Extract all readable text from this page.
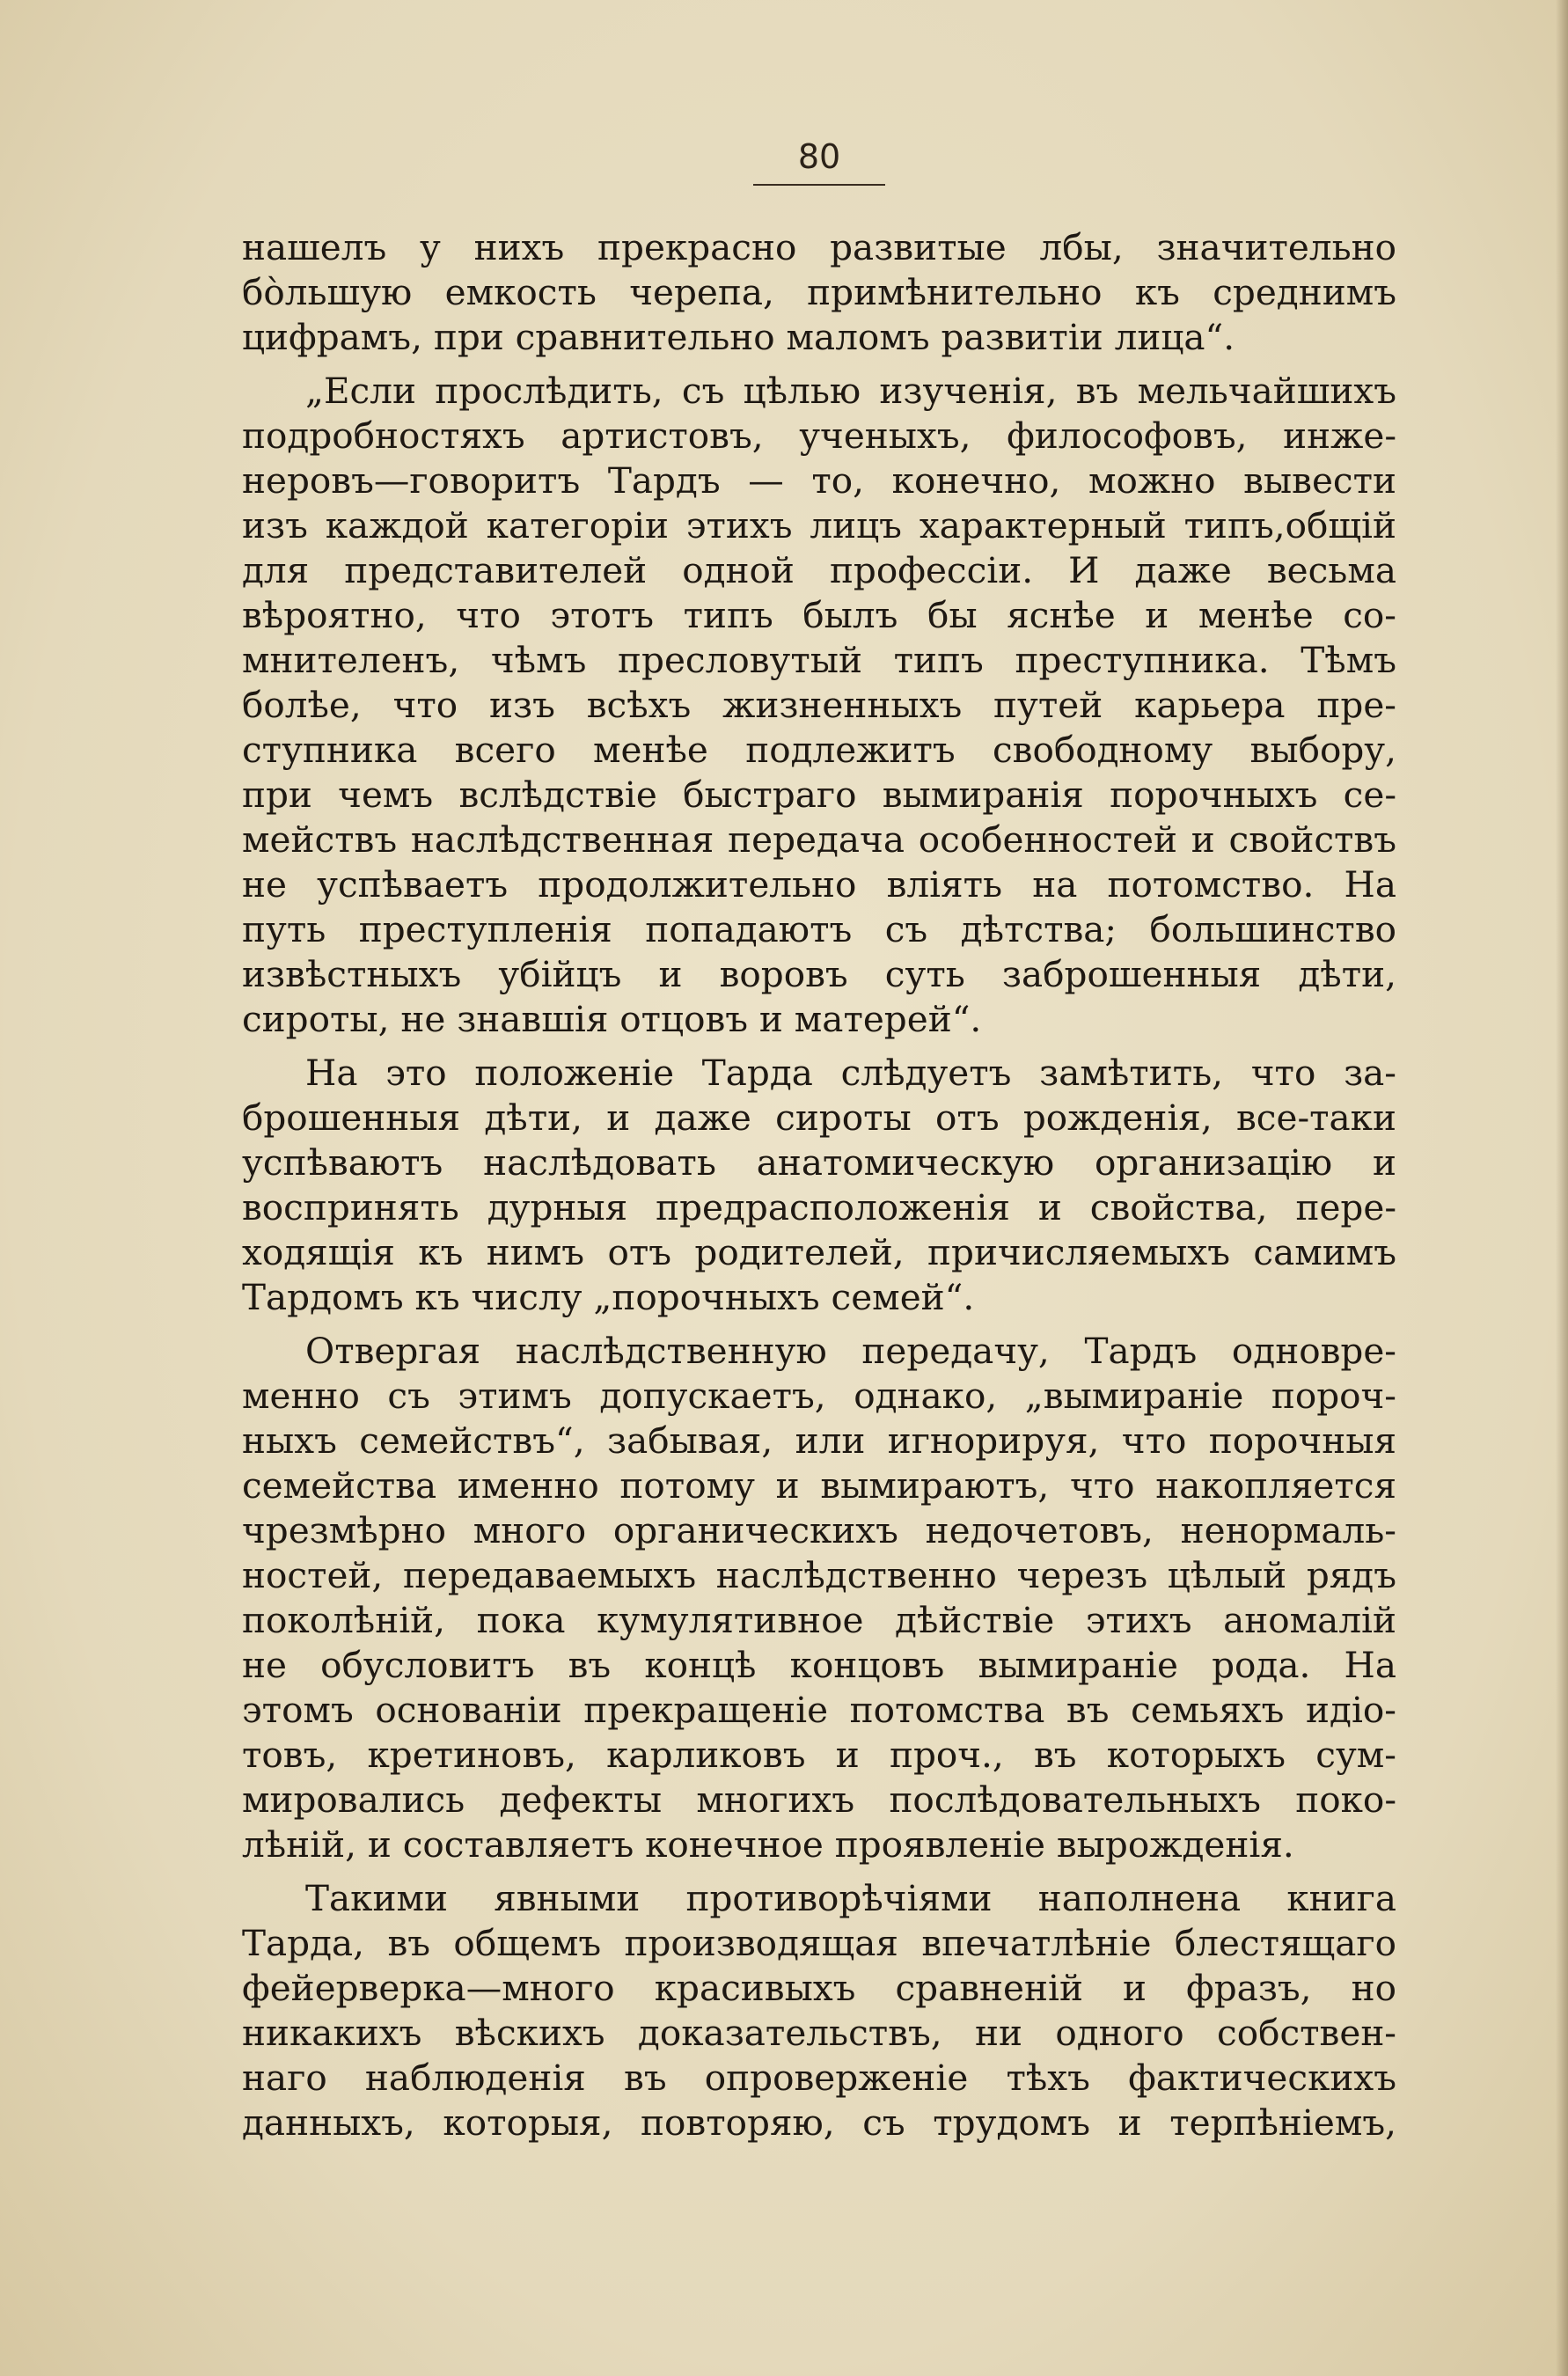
80
нашелъ у нихъ прекрасно развитые лбы, значительно
бòльшую емкость черепа, примѣнительно къ среднимъ
цифрамъ, при сравнительно маломъ развитiи лица“.
„Если прослѣдить, съ цѣлью изученiя, въ мельчайшихъ
подробностяхъ артистовъ, ученыхъ, философовъ, инже-
неровъ—говоритъ Тардъ — то, конечно, можно вывести
изъ каждой категорiи этихъ лицъ характерный типъ,общiй
для представителей одной профессiи. И даже весьма
вѣроятно, что этотъ типъ былъ бы яснѣе и менѣе со-
мнителенъ, чѣмъ пресловутый типъ преступника. Тѣмъ
болѣе, что изъ всѣхъ жизненныхъ путей карьера пре-
ступника всего менѣе подлежитъ свободному выбору,
при чемъ вслѣдствiе быстраго вымиранiя порочныхъ се-
мействъ наслѣдственная передача особенностей и свойствъ
не успѣваетъ продолжительно влiять на потомство. На
путь преступленiя попадаютъ съ дѣтства; большинство
извѣстныхъ убiйцъ и воровъ суть заброшенныя дѣти,
сироты, не знавшiя отцовъ и матерей“.
На это положенiе Тарда слѣдуетъ замѣтить, что за-
брошенныя дѣти, и даже сироты отъ рожденiя, все-таки
успѣваютъ наслѣдовать анатомическую организацiю и
воспринять дурныя предрасположенiя и свойства, пере-
ходящiя къ нимъ отъ родителей, причисляемыхъ самимъ
Тардомъ къ числу „порочныхъ семей“.
Отвергая наслѣдственную передачу, Тардъ одновре-
менно съ этимъ допускаетъ, однако, „вымиранiе пороч-
ныхъ семействъ“, забывая, или игнорируя, что порочныя
семейства именно потому и вымираютъ, что накопляется
чрезмѣрно много органическихъ недочетовъ, ненормаль-
ностей, передаваемыхъ наслѣдственно черезъ цѣлый рядъ
поколѣнiй, пока кумулятивное дѣйствiе этихъ аномалiй
не обусловитъ въ концѣ концовъ вымиранiе рода. На
этомъ основанiи прекращенiе потомства въ семьяхъ идiо-
товъ, кретиновъ, карликовъ и проч., въ которыхъ сум-
мировались дефекты многихъ послѣдовательныхъ поко-
лѣнiй, и составляетъ конечное проявленiе вырожденiя.
Такими явными противорѣчiями наполнена книга
Тарда, въ общемъ производящая впечатлѣнiе блестящаго
фейерверка—много красивыхъ сравненiй и фразъ, но
никакихъ вѣскихъ доказательствъ, ни одного собствен-
наго наблюденiя въ опроверженiе тѣхъ фактическихъ
данныхъ, которыя, повторяю, съ трудомъ и терпѣнiемъ,
